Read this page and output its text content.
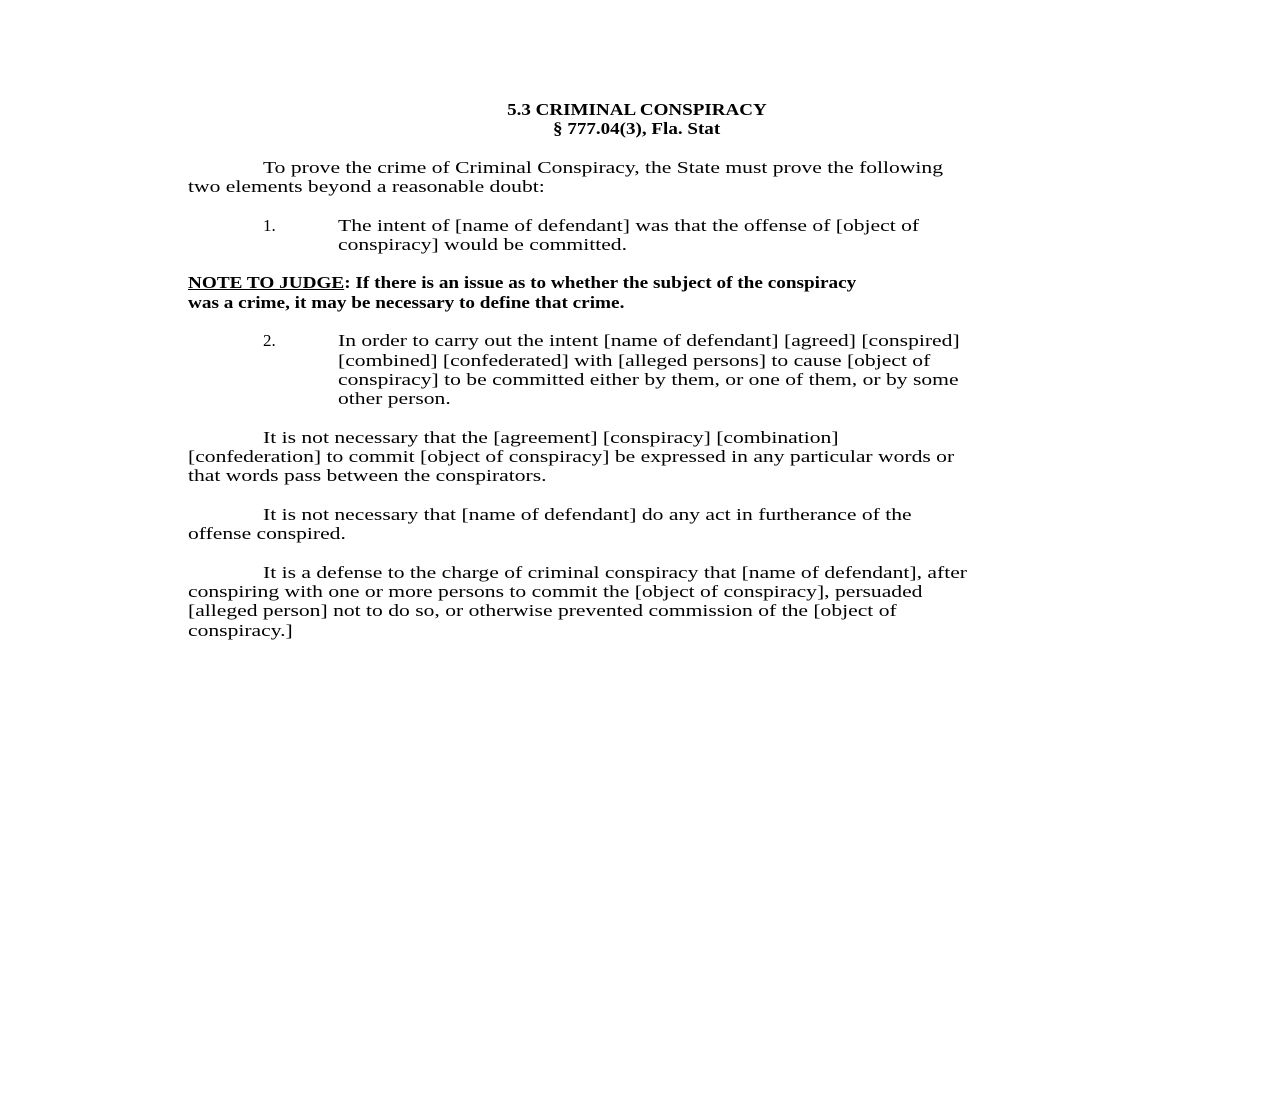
5.3 CRIMINAL CONSPIRACY
§ 777.04(3), Fla. Stat
To prove the crime of Criminal Conspiracy, the State must prove the following
two elements beyond a reasonable doubt:
1.	The intent of [name of defendant] was that the offense of [object of
conspiracy] would be committed.
NOTE TO JUDGE: If there is an issue as to whether the subject of the conspiracy
was a crime, it may be necessary to define that crime.
2.	In order to carry out the intent [name of defendant] [agreed] [conspired]
[combined] [confederated] with [alleged persons] to cause [object of
conspiracy] to be committed either by them, or one of them, or by some
other person.
It is not necessary that the [agreement] [conspiracy] [combination]
[confederation] to commit [object of conspiracy] be expressed in any particular words or
that words pass between the conspirators.
It is not necessary that [name of defendant] do any act in furtherance of the
offense conspired.
It is a defense to the charge of criminal conspiracy that [name of defendant], after
conspiring with one or more persons to commit the [object of conspiracy], persuaded
[alleged person] not to do so, or otherwise prevented commission of the [object of
conspiracy.]
